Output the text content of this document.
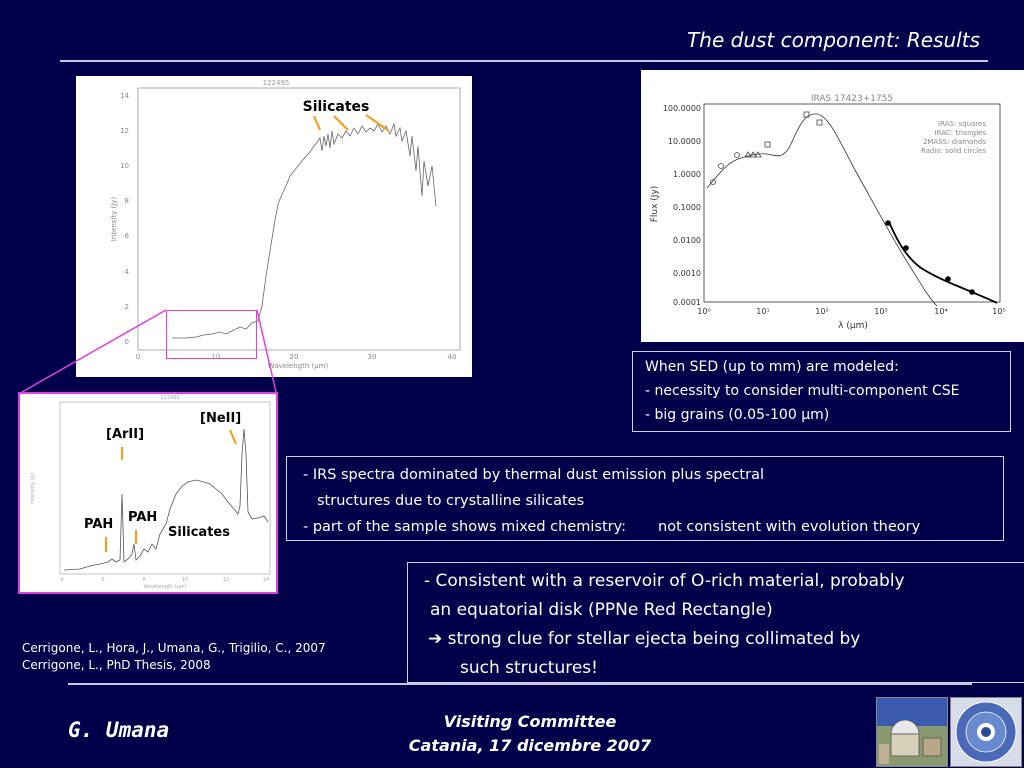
The dust component: Results
122495
0
2
4
6
8
10
12
14
0	10	20	30	40
Wavelength (μm)
Intensity (Jy)
Silicates
122495
Intensity (Jy)
Wavelength (μm)
4	6	8	10	12	14
[ArII]
[NeII]
PAH PAH
Silicates
IRAS 17423+1755
100.0000
10.0000
1.0000
0.1000
0.0100
0.0010
0.0001
10⁰	10¹	10²	10³	10⁴	10⁵
λ (μm)
Flux (Jy)
IRAS: squares
IRAC: triangles
2MASS: diamonds
Radio: solid circles

When SED (up to mm) are modeled:

- necessity to consider multi-component CSE

- big grains (0.05-100 μm)

- IRS spectra dominated by thermal dust emission plus spectral

structures due to crystalline silicates

- part of the sample shows mixed chemistry: not consistent with evolution theory

- Consistent with a reservoir of O-rich material, probably

an equatorial disk (PPNe Red Rectangle)

➔ strong clue for stellar ejecta being collimated by

such structures!

Cerrigone, L., Hora, J., Umana, G., Trigilio, C., 2007
Cerrigone, L., PhD Thesis, 2008
G. Umana	Visiting Committee
Catania, 17 dicembre 2007
